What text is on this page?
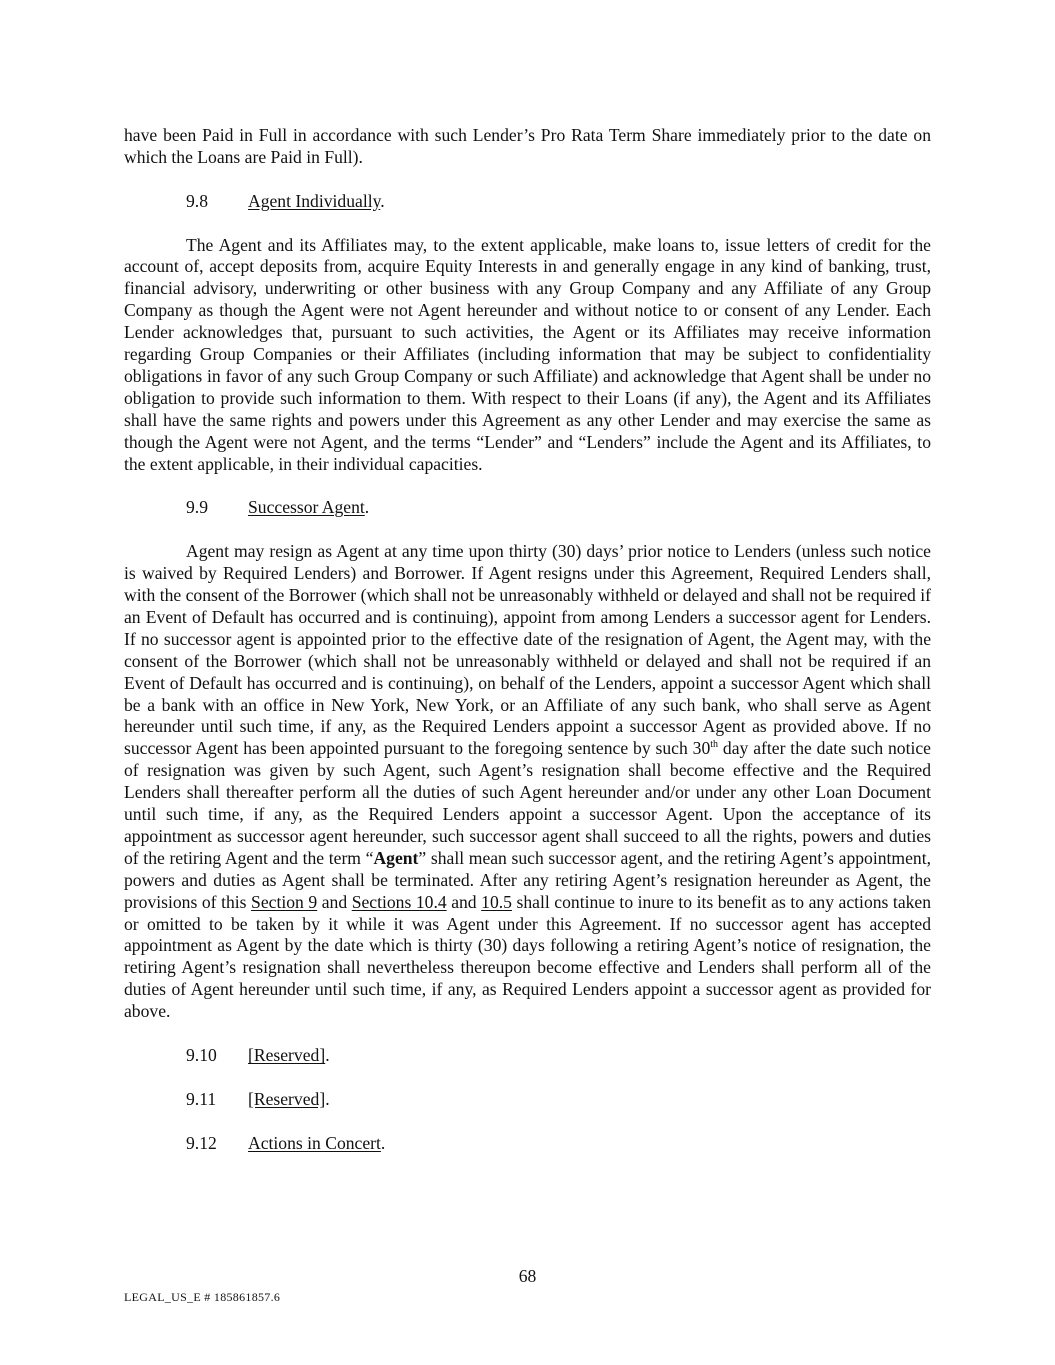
have been Paid in Full in accordance with such Lender’s Pro Rata Term Share immediately prior to the date on which the Loans are Paid in Full).

9.8 Agent Individually.

The Agent and its Affiliates may, to the extent applicable, make loans to, issue letters of credit for the account of, accept deposits from, acquire Equity Interests in and generally engage in any kind of banking, trust, financial advisory, underwriting or other business with any Group Company and any Affiliate of any Group Company as though the Agent were not Agent hereunder and without notice to or consent of any Lender. Each Lender acknowledges that, pursuant to such activities, the Agent or its Affiliates may receive information regarding Group Companies or their Affiliates (including information that may be subject to confidentiality obligations in favor of any such Group Company or such Affiliate) and acknowledge that Agent shall be under no obligation to provide such information to them. With respect to their Loans (if any), the Agent and its Affiliates shall have the same rights and powers under this Agreement as any other Lender and may exercise the same as though the Agent were not Agent, and the terms “Lender” and “Lenders” include the Agent and its Affiliates, to the extent applicable, in their individual capacities.

9.9 Successor Agent.

Agent may resign as Agent at any time upon thirty (30) days’ prior notice to Lenders (unless such notice is waived by Required Lenders) and Borrower. If Agent resigns under this Agreement, Required Lenders shall, with the consent of the Borrower (which shall not be unreasonably withheld or delayed and shall not be required if an Event of Default has occurred and is continuing), appoint from among Lenders a successor agent for Lenders. If no successor agent is appointed prior to the effective date of the resignation of Agent, the Agent may, with the consent of the Borrower (which shall not be unreasonably withheld or delayed and shall not be required if an Event of Default has occurred and is continuing), on behalf of the Lenders, appoint a successor Agent which shall be a bank with an office in New York, New York, or an Affiliate of any such bank, who shall serve as Agent hereunder until such time, if any, as the Required Lenders appoint a successor Agent as provided above. If no successor Agent has been appointed pursuant to the foregoing sentence by such 30th day after the date such notice of resignation was given by such Agent, such Agent’s resignation shall become effective and the Required Lenders shall thereafter perform all the duties of such Agent hereunder and/or under any other Loan Document until such time, if any, as the Required Lenders appoint a successor Agent. Upon the acceptance of its appointment as successor agent hereunder, such successor agent shall succeed to all the rights, powers and duties of the retiring Agent and the term “Agent” shall mean such successor agent, and the retiring Agent’s appointment, powers and duties as Agent shall be terminated. After any retiring Agent’s resignation hereunder as Agent, the provisions of this Section 9 and Sections 10.4 and 10.5 shall continue to inure to its benefit as to any actions taken or omitted to be taken by it while it was Agent under this Agreement. If no successor agent has accepted appointment as Agent by the date which is thirty (30) days following a retiring Agent’s notice of resignation, the retiring Agent’s resignation shall nevertheless thereupon become effective and Lenders shall perform all of the duties of Agent hereunder until such time, if any, as Required Lenders appoint a successor agent as provided for above.

9.10 [Reserved].

9.11 [Reserved].

9.12 Actions in Concert.

68
LEGAL_US_E # 185861857.6
